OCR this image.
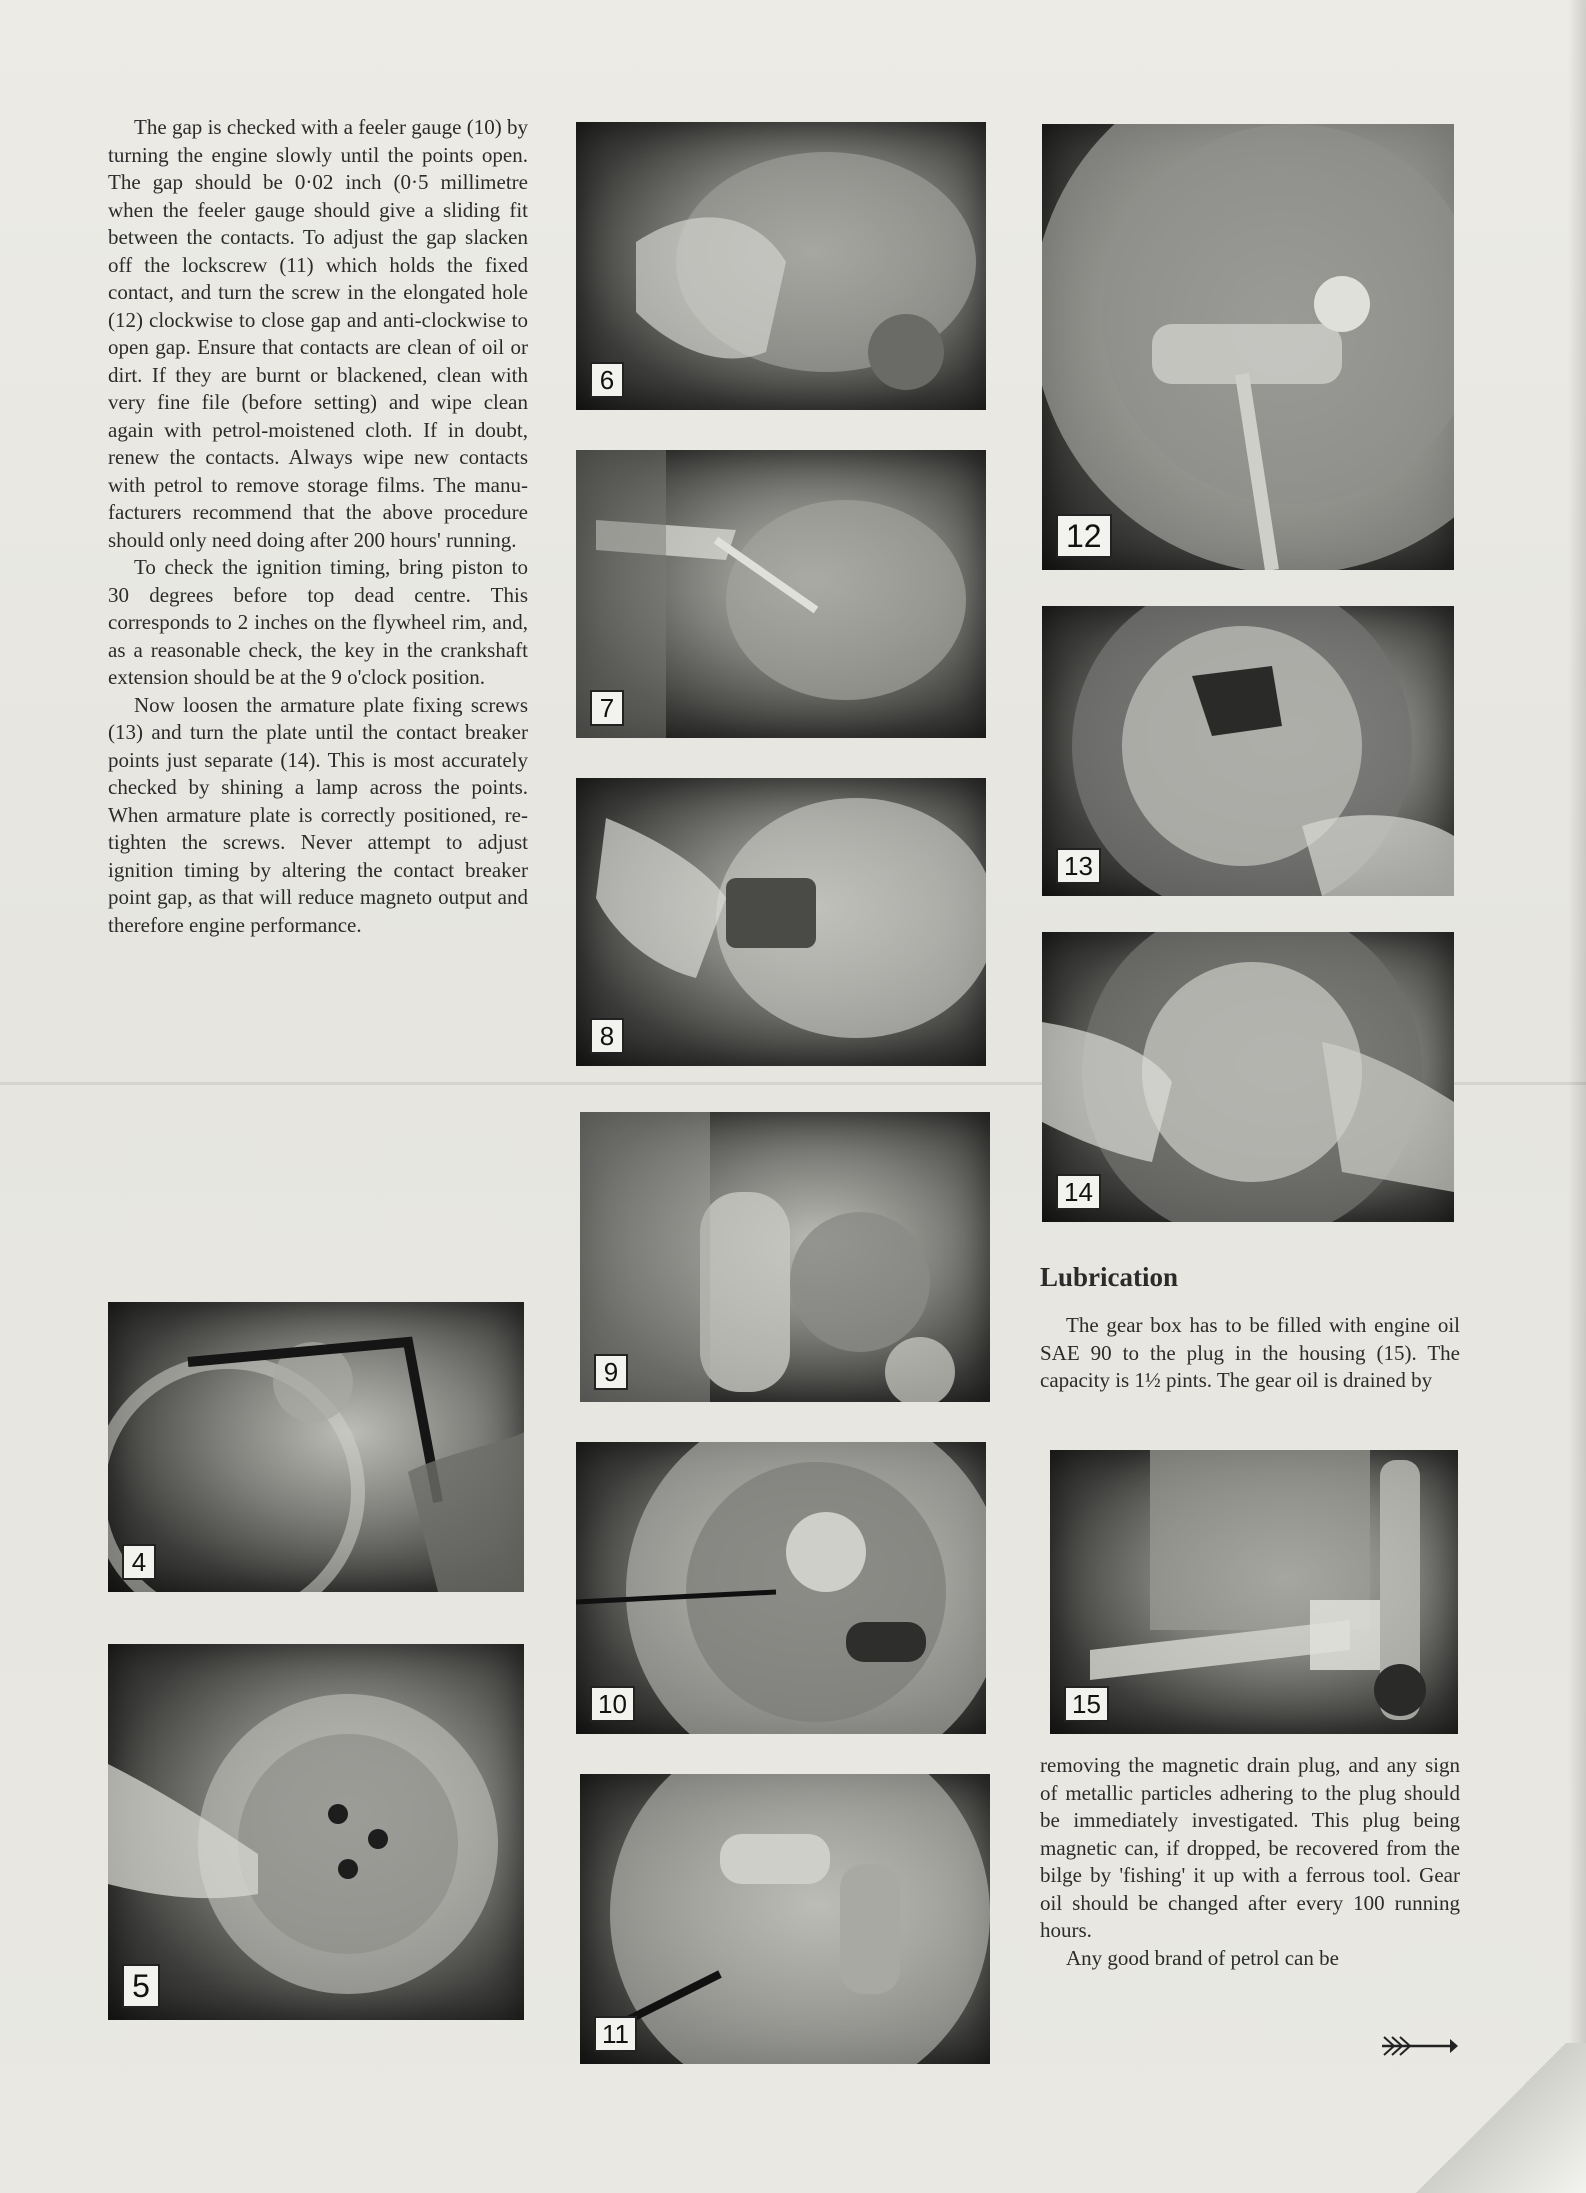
The gap is checked with a feeler gauge (10) by turning the engine slowly until the points open. The gap should be 0·02 inch (0·5 millimetre when the feeler gauge should give a sliding fit between the contacts. To adjust the gap slacken off the lockscrew (11) which holds the fixed contact, and turn the screw in the elongated hole (12) clockwise to close gap and anti-clockwise to open gap. Ensure that contacts are clean of oil or dirt. If they are burnt or blackened, clean with very fine file (before setting) and wipe clean again with petrol-moistened cloth. If in doubt, renew the contacts. Always wipe new contacts with petrol to remove storage films. The manufacturers recommend that the above procedure should only need doing after 200 hours' running.

To check the ignition timing, bring piston to 30 degrees before top dead centre. This corresponds to 2 inches on the flywheel rim, and, as a reasonable check, the key in the crankshaft extension should be at the 9 o'clock position.

Now loosen the armature plate fixing screws (13) and turn the plate until the contact breaker points just separate (14). This is most accurately checked by shining a lamp across the points. When armature plate is correctly positioned, retighten the screws. Never attempt to adjust ignition timing by altering the contact breaker point gap, as that will reduce magneto output and therefore engine performance.

4
5
6
7
8
9
10
11
12
13
14
Lubrication

The gear box has to be filled with engine oil SAE 90 to the plug in the housing (15). The capacity is 1½ pints. The gear oil is drained by

15

removing the magnetic drain plug, and any sign of metallic particles adhering to the plug should be immediately investigated. This plug being magnetic can, if dropped, be recovered from the bilge by 'fishing' it up with a ferrous tool. Gear oil should be changed after every 100 running hours.

Any good brand of petrol can be
